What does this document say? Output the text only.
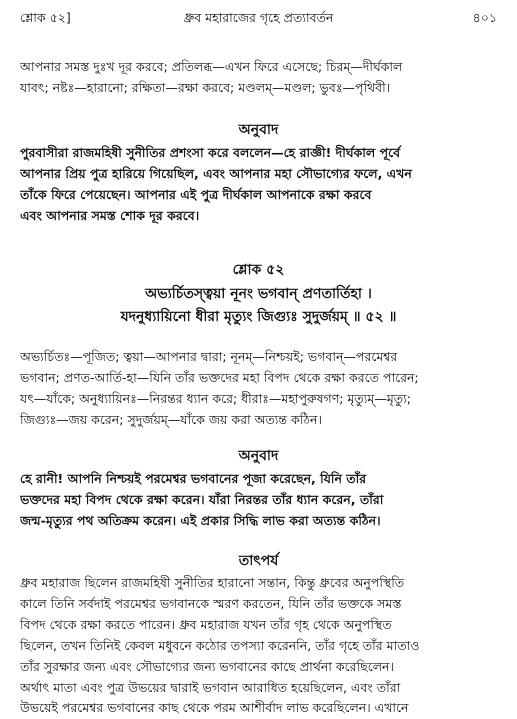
শ্লোক ৫২]	ধ্রুব মহারাজের গৃহে প্রত্যাবর্তন	৪০১
আপনার সমস্ত দুঃখ দূর করবে; প্রতিলব্ধ—এখন ফিরে এসেছে; চিরম্—দীর্ঘকাল
যাবৎ; নষ্টঃ—হারানো; রক্ষিতা—রক্ষা করবে; মণ্ডলম্—মণ্ডল; ভুবঃ—পৃথিবী।
অনুবাদ
পুরবাসীরা রাজমহিষী সুনীতির প্রশংসা করে বললেন—হে রাজ্ঞী! দীর্ঘকাল পূর্বে
আপনার প্রিয় পুত্র হারিয়ে গিয়েছিল, এবং আপনার মহা সৌভাগ্যের ফলে, এখন
তাঁকে ফিরে পেয়েছেন। আপনার এই পুত্র দীর্ঘকাল আপনাকে রক্ষা করবে
এবং আপনার সমস্ত শোক দূর করবে।
শ্লোক ৫২
অভ্যর্চিতস্ত্বয়া নূনং ভগবান্ প্রণতার্তিহা ।
যদনুধ্যায়িনো ধীরা মৃত্যুং জিগ্যুঃ সুদুর্জয়ম্ ॥ ৫২ ॥
অভ্যর্চিতঃ—পূজিত; ত্বয়া—আপনার দ্বারা; নূনম্—নিশ্চয়ই; ভগবান্—পরমেশ্বর
ভগবান; প্রণত-আর্তি-হা—যিনি তাঁর ভক্তদের মহা বিপদ থেকে রক্ষা করতে পারেন;
যৎ—যাঁকে; অনুধ্যায়িনঃ—নিরন্তর ধ্যান করে; ধীরাঃ—মহাপুরুষগণ; মৃত্যুম্—মৃত্যু;
জিগ্যুঃ—জয় করেন; সুদুর্জয়ম্—যাঁকে জয় করা অত্যন্ত কঠিন।
অনুবাদ
হে রানী! আপনি নিশ্চয়ই পরমেশ্বর ভগবানের পূজা করেছেন, যিনি তাঁর
ভক্তদের মহা বিপদ থেকে রক্ষা করেন। যাঁরা নিরন্তর তাঁর ধ্যান করেন, তাঁরা
জন্ম-মৃত্যুর পথ অতিক্রম করেন। এই প্রকার সিদ্ধি লাভ করা অত্যন্ত কঠিন।
তাৎপর্য
ধ্রুব মহারাজ ছিলেন রাজমহিষী সুনীতির হারানো সন্তান, কিন্তু ধ্রুবের অনুপস্থিতি
কালে তিনি সর্বদাই পরমেশ্বর ভগবানকে স্মরণ করতেন, যিনি তাঁর ভক্তকে সমস্ত
বিপদ থেকে রক্ষা করতে পারেন। ধ্রুব মহারাজ যখন তাঁর গৃহ থেকে অনুপস্থিত
ছিলেন, তখন তিনিই কেবল মধুবনে কঠোর তপস্যা করেননি, তাঁর গৃহে তাঁর মাতাও
তাঁর সুরক্ষার জন্য এবং সৌভাগ্যের জন্য ভগবানের কাছে প্রার্থনা করেছিলেন।
অর্থাৎ মাতা এবং পুত্র উভয়ের দ্বারাই ভগবান আরাধিত হয়েছিলেন, এবং তাঁরা
উভয়েই পরমেশ্বর ভগবানের কাছ থেকে পরম আশীর্বাদ লাভ করেছিলেন। এখানে
